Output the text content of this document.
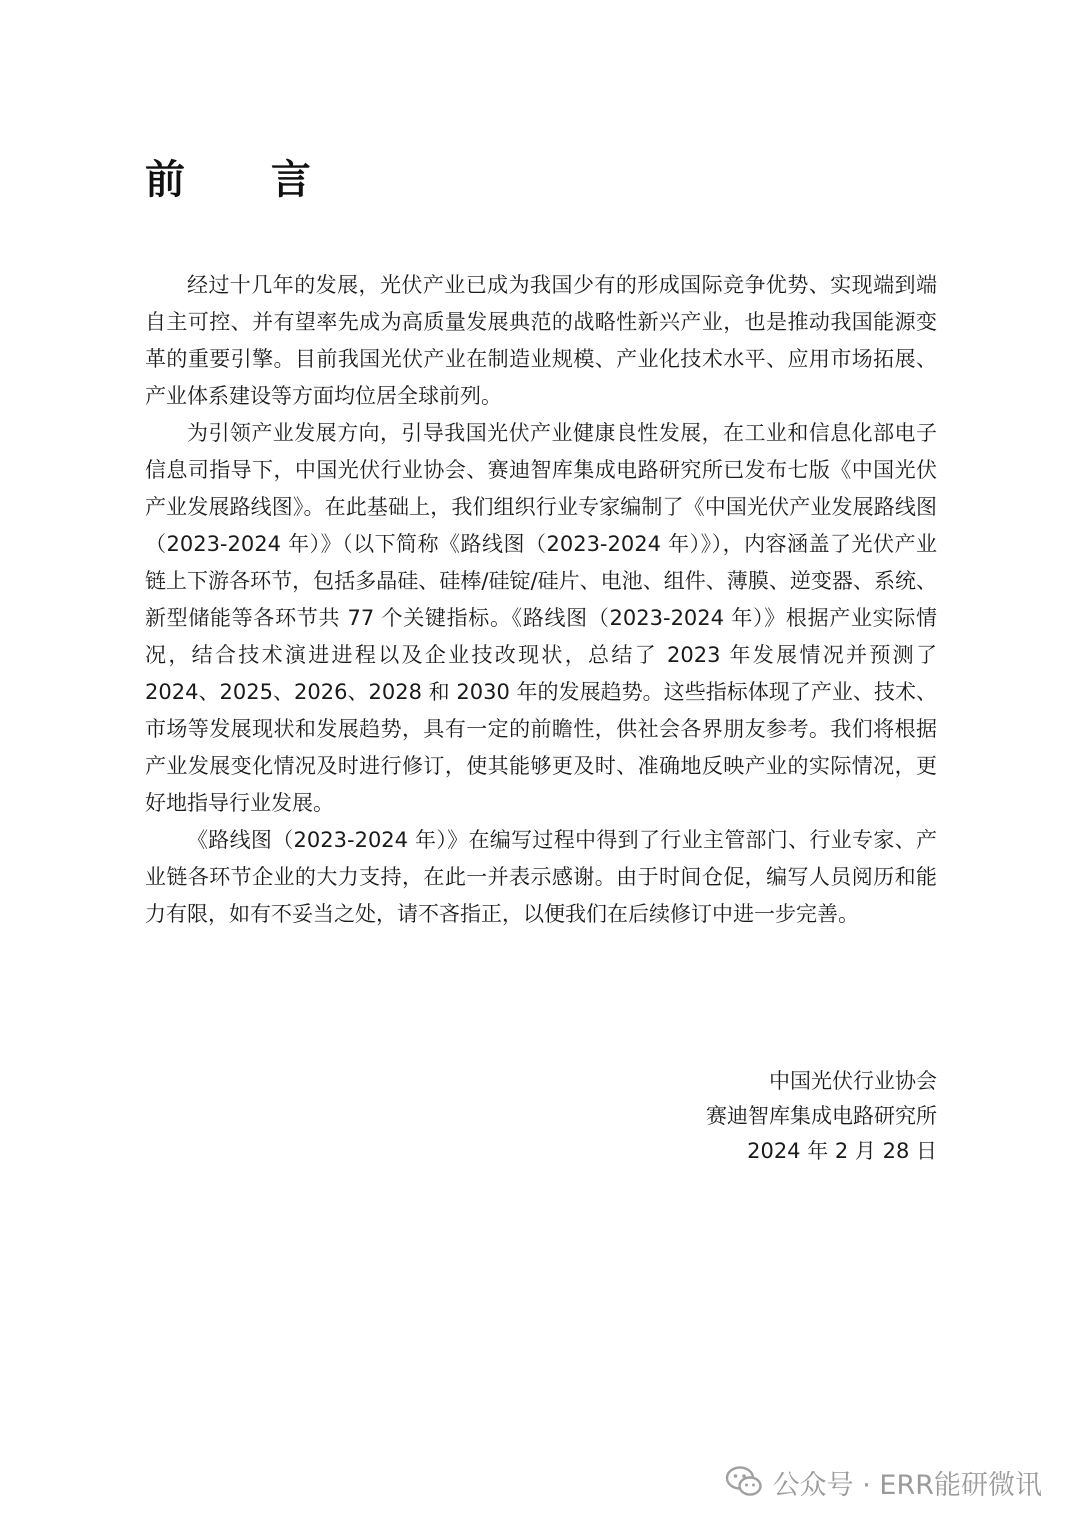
前 言

经过十几年的发展，光伏产业已成为我国少有的形成国际竞争优势、实现端到端自主可控、并有望率先成为高质量发展典范的战略性新兴产业，也是推动我国能源变革的重要引擎。目前我国光伏产业在制造业规模、产业化技术水平、应用市场拓展、产业体系建设等方面均位居全球前列。

为引领产业发展方向，引导我国光伏产业健康良性发展，在工业和信息化部电子信息司指导下，中国光伏行业协会、赛迪智库集成电路研究所已发布七版《中国光伏产业发展路线图》。在此基础上，我们组织行业专家编制了《中国光伏产业发展路线图（2023-2024 年）》（以下简称《路线图（2023-2024 年）》），内容涵盖了光伏产业链上下游各环节，包括多晶硅、硅棒/硅锭/硅片、电池、组件、薄膜、逆变器、系统、新型储能等各环节共 77 个关键指标。《路线图（2023-2024 年）》根据产业实际情况，结合技术演进进程以及企业技改现状，总结了 2023 年发展情况并预测了 2024、2025、2026、2028 和 2030 年的发展趋势。这些指标体现了产业、技术、市场等发展现状和发展趋势，具有一定的前瞻性，供社会各界朋友参考。我们将根据产业发展变化情况及时进行修订，使其能够更及时、准确地反映产业的实际情况，更好地指导行业发展。

《路线图（2023-2024 年）》在编写过程中得到了行业主管部门、行业专家、产业链各环节企业的大力支持，在此一并表示感谢。由于时间仓促，编写人员阅历和能力有限，如有不妥当之处，请不吝指正，以便我们在后续修订中进一步完善。

中国光伏行业协会
赛迪智库集成电路研究所
2024 年 2 月 28 日
公众号 · ERR能研微讯
